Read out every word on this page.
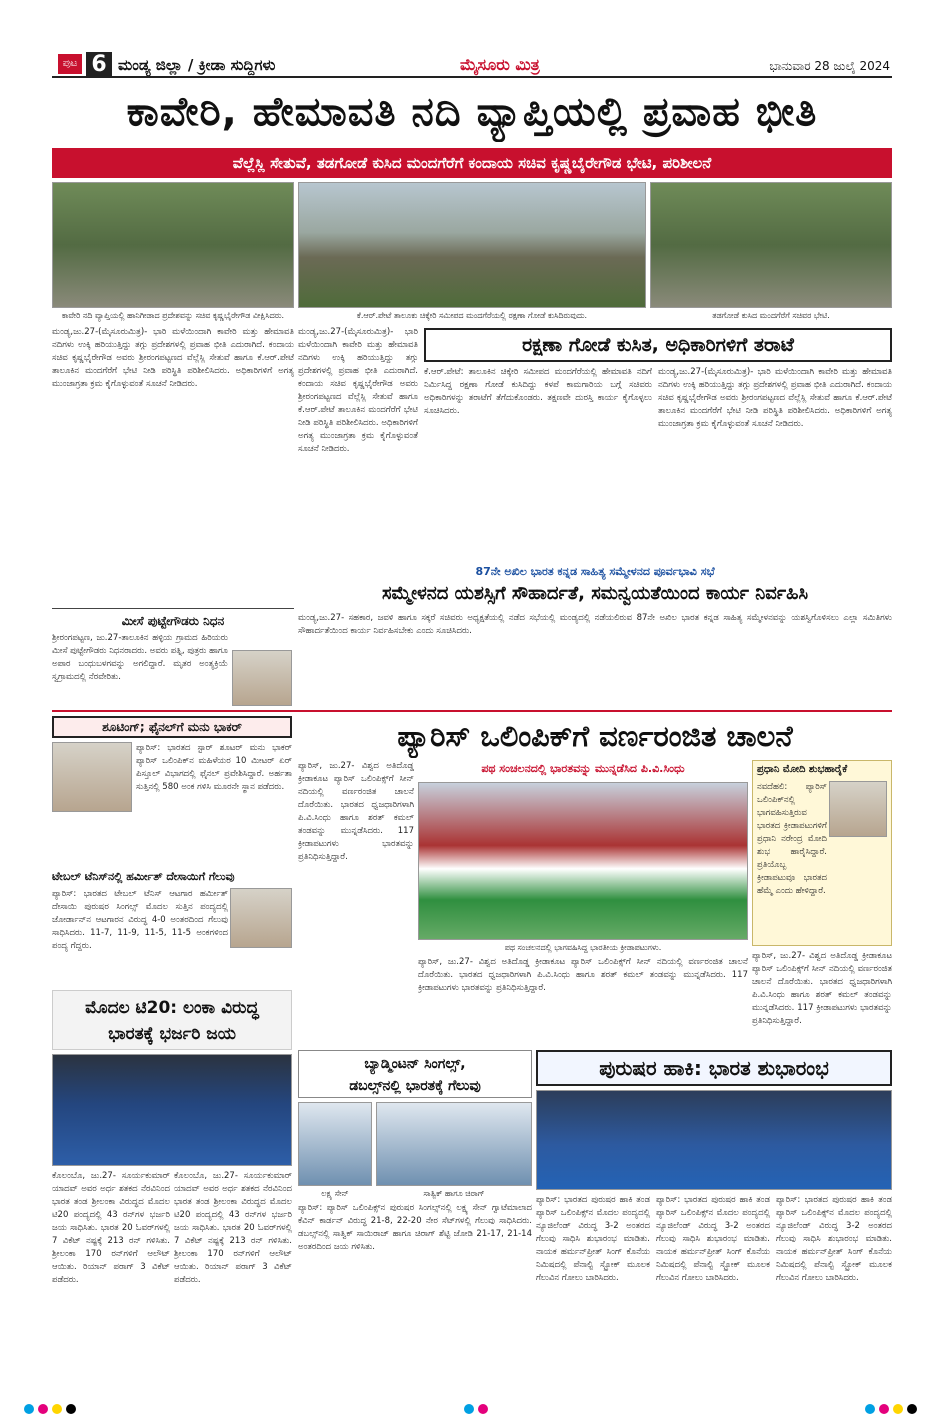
ಪುಟ 6 ಮಂಡ್ಯ ಜಿಲ್ಲಾ / ಕ್ರೀಡಾ ಸುದ್ದಿಗಳು	ಮೈಸೂರು ಮಿತ್ರ	ಭಾನುವಾರ 28 ಜುಲೈ 2024
ಕಾವೇರಿ, ಹೇಮಾವತಿ ನದಿ ವ್ಯಾಪ್ತಿಯಲ್ಲಿ ಪ್ರವಾಹ ಭೀತಿ
ವೆಲ್ಲೆಸ್ಲಿ ಸೇತುವೆ, ತಡಗೋಡೆ ಕುಸಿದ ಮಂದಗೆರೆಗೆ ಕಂದಾಯ ಸಚಿವ ಕೃಷ್ಣಬೈರೇಗೌಡ ಭೇಟಿ, ಪರಿಶೀಲನೆ
ಕಾವೇರಿ ನದಿ ವ್ಯಾಪ್ತಿಯಲ್ಲಿ ಹಾನಿಗೀಡಾದ ಪ್ರದೇಶವನ್ನು ಸಚಿವ ಕೃಷ್ಣಭೈರೇಗೌಡ ವೀಕ್ಷಿಸಿದರು.	ಕೆ.ಆರ್.ಪೇಟೆ ತಾಲೂಕು ಚಿಕ್ಕೇರಿ ಸಮೀಪದ ಮಂದಗೆರೆಯಲ್ಲಿ ರಕ್ಷಣಾ ಗೋಡೆ ಕುಸಿದಿರುವುದು.	ತಡಗೋಡೆ ಕುಸಿದ ಮಂದಗೆರೆಗೆ ಸಚಿವರ ಭೇಟಿ.
ಮಂಡ್ಯ,ಜು.27-(ಮೈಸೂರುಮಿತ್ರ)- ಭಾರಿ ಮಳೆಯಿಂದಾಗಿ ಕಾವೇರಿ ಮತ್ತು ಹೇಮಾವತಿ ನದಿಗಳು ಉಕ್ಕಿ ಹರಿಯುತ್ತಿದ್ದು ತಗ್ಗು ಪ್ರದೇಶಗಳಲ್ಲಿ ಪ್ರವಾಹ ಭೀತಿ ಎದುರಾಗಿದೆ. ಕಂದಾಯ ಸಚಿವ ಕೃಷ್ಣಭೈರೇಗೌಡ ಅವರು ಶ್ರೀರಂಗಪಟ್ಟಣದ ವೆಲ್ಲೆಸ್ಲಿ ಸೇತುವೆ ಹಾಗೂ ಕೆ.ಆರ್.ಪೇಟೆ ತಾಲೂಕಿನ ಮಂದಗೆರೆಗೆ ಭೇಟಿ ನೀಡಿ ಪರಿಸ್ಥಿತಿ ಪರಿಶೀಲಿಸಿದರು. ಅಧಿಕಾರಿಗಳಿಗೆ ಅಗತ್ಯ ಮುಂಜಾಗ್ರತಾ ಕ್ರಮ ಕೈಗೊಳ್ಳುವಂತೆ ಸೂಚನೆ ನೀಡಿದರು.
ಮಂಡ್ಯ,ಜು.27-(ಮೈಸೂರುಮಿತ್ರ)- ಭಾರಿ ಮಳೆಯಿಂದಾಗಿ ಕಾವೇರಿ ಮತ್ತು ಹೇಮಾವತಿ ನದಿಗಳು ಉಕ್ಕಿ ಹರಿಯುತ್ತಿದ್ದು ತಗ್ಗು ಪ್ರದೇಶಗಳಲ್ಲಿ ಪ್ರವಾಹ ಭೀತಿ ಎದುರಾಗಿದೆ. ಕಂದಾಯ ಸಚಿವ ಕೃಷ್ಣಭೈರೇಗೌಡ ಅವರು ಶ್ರೀರಂಗಪಟ್ಟಣದ ವೆಲ್ಲೆಸ್ಲಿ ಸೇತುವೆ ಹಾಗೂ ಕೆ.ಆರ್.ಪೇಟೆ ತಾಲೂಕಿನ ಮಂದಗೆರೆಗೆ ಭೇಟಿ ನೀಡಿ ಪರಿಸ್ಥಿತಿ ಪರಿಶೀಲಿಸಿದರು. ಅಧಿಕಾರಿಗಳಿಗೆ ಅಗತ್ಯ ಮುಂಜಾಗ್ರತಾ ಕ್ರಮ ಕೈಗೊಳ್ಳುವಂತೆ ಸೂಚನೆ ನೀಡಿದರು.
ರಕ್ಷಣಾ ಗೋಡೆ ಕುಸಿತ, ಅಧಿಕಾರಿಗಳಿಗೆ ತರಾಟೆ
ಕೆ.ಆರ್.ಪೇಟೆ: ತಾಲೂಕಿನ ಚಿಕ್ಕೇರಿ ಸಮೀಪದ ಮಂದಗೆರೆಯಲ್ಲಿ ಹೇಮಾವತಿ ನದಿಗೆ ನಿರ್ಮಿಸಿದ್ದ ರಕ್ಷಣಾ ಗೋಡೆ ಕುಸಿದಿದ್ದು ಕಳಪೆ ಕಾಮಗಾರಿಯ ಬಗ್ಗೆ ಸಚಿವರು ಅಧಿಕಾರಿಗಳನ್ನು ತರಾಟೆಗೆ ತೆಗೆದುಕೊಂಡರು. ತಕ್ಷಣವೇ ದುರಸ್ತಿ ಕಾರ್ಯ ಕೈಗೊಳ್ಳಲು ಸೂಚಿಸಿದರು.
ಮಂಡ್ಯ,ಜು.27-(ಮೈಸೂರುಮಿತ್ರ)- ಭಾರಿ ಮಳೆಯಿಂದಾಗಿ ಕಾವೇರಿ ಮತ್ತು ಹೇಮಾವತಿ ನದಿಗಳು ಉಕ್ಕಿ ಹರಿಯುತ್ತಿದ್ದು ತಗ್ಗು ಪ್ರದೇಶಗಳಲ್ಲಿ ಪ್ರವಾಹ ಭೀತಿ ಎದುರಾಗಿದೆ. ಕಂದಾಯ ಸಚಿವ ಕೃಷ್ಣಭೈರೇಗೌಡ ಅವರು ಶ್ರೀರಂಗಪಟ್ಟಣದ ವೆಲ್ಲೆಸ್ಲಿ ಸೇತುವೆ ಹಾಗೂ ಕೆ.ಆರ್.ಪೇಟೆ ತಾಲೂಕಿನ ಮಂದಗೆರೆಗೆ ಭೇಟಿ ನೀಡಿ ಪರಿಸ್ಥಿತಿ ಪರಿಶೀಲಿಸಿದರು. ಅಧಿಕಾರಿಗಳಿಗೆ ಅಗತ್ಯ ಮುಂಜಾಗ್ರತಾ ಕ್ರಮ ಕೈಗೊಳ್ಳುವಂತೆ ಸೂಚನೆ ನೀಡಿದರು.
87ನೇ ಅಖಿಲ ಭಾರತ ಕನ್ನಡ ಸಾಹಿತ್ಯ ಸಮ್ಮೇಳನದ ಪೂರ್ವಭಾವಿ ಸಭೆ
ಸಮ್ಮೇಳನದ ಯಶಸ್ಸಿಗೆ ಸೌಹಾರ್ದತೆ, ಸಮನ್ವಯತೆಯಿಂದ ಕಾರ್ಯ ನಿರ್ವಹಿಸಿ
ಮಂಡ್ಯ,ಜು.27- ಸಹಕಾರ, ಜವಳಿ ಹಾಗೂ ಸಕ್ಕರೆ ಸಚಿವರು ಅಧ್ಯಕ್ಷತೆಯಲ್ಲಿ ನಡೆದ ಸಭೆಯಲ್ಲಿ ಮಂಡ್ಯದಲ್ಲಿ ನಡೆಯಲಿರುವ 87ನೇ ಅಖಿಲ ಭಾರತ ಕನ್ನಡ ಸಾಹಿತ್ಯ ಸಮ್ಮೇಳನವನ್ನು ಯಶಸ್ವಿಗೊಳಿಸಲು ಎಲ್ಲಾ ಸಮಿತಿಗಳು ಸೌಹಾರ್ದತೆಯಿಂದ ಕಾರ್ಯ ನಿರ್ವಹಿಸಬೇಕು ಎಂದು ಸೂಚಿಸಿದರು.
ಮೀಸೆ ಪುಟ್ಟೇಗೌಡರು ನಿಧನ
ಶ್ರೀರಂಗಪಟ್ಟಣ, ಜು.27-ತಾಲೂಕಿನ ಹಳ್ಳಿಯ ಗ್ರಾಮದ ಹಿರಿಯರು ಮೀಸೆ ಪುಟ್ಟೇಗೌಡರು ನಿಧನರಾದರು. ಅವರು ಪತ್ನಿ, ಪುತ್ರರು ಹಾಗೂ ಅಪಾರ ಬಂಧುಬಳಗವನ್ನು ಅಗಲಿದ್ದಾರೆ. ಮೃತರ ಅಂತ್ಯಕ್ರಿಯೆ ಸ್ವಗ್ರಾಮದಲ್ಲಿ ನೆರವೇರಿತು.
ಶೂಟಿಂಗ್; ಫೈನಲ್‌ಗೆ ಮನು ಭಾಕರ್
ಪ್ಯಾರಿಸ್: ಭಾರತದ ಸ್ಟಾರ್ ಶೂಟರ್ ಮನು ಭಾಕರ್ ಪ್ಯಾರಿಸ್ ಒಲಿಂಪಿಕ್‌ನ ಮಹಿಳೆಯರ 10 ಮೀಟರ್ ಏರ್ ಪಿಸ್ತೂಲ್ ವಿಭಾಗದಲ್ಲಿ ಫೈನಲ್ ಪ್ರವೇಶಿಸಿದ್ದಾರೆ. ಅರ್ಹತಾ ಸುತ್ತಿನಲ್ಲಿ 580 ಅಂಕ ಗಳಿಸಿ ಮೂರನೇ ಸ್ಥಾನ ಪಡೆದರು.
ಟೇಬಲ್ ಟೆನಿಸ್‌ನಲ್ಲಿ ಹರ್ಮೀತ್ ದೇಸಾಯಿಗೆ ಗೆಲುವು
ಪ್ಯಾರಿಸ್: ಭಾರತದ ಟೇಬಲ್ ಟೆನಿಸ್ ಆಟಗಾರ ಹರ್ಮೀತ್ ದೇಸಾಯಿ ಪುರುಷರ ಸಿಂಗಲ್ಸ್ ಮೊದಲ ಸುತ್ತಿನ ಪಂದ್ಯದಲ್ಲಿ ಜೋರ್ಡಾನ್‌ನ ಆಟಗಾರನ ವಿರುದ್ಧ 4-0 ಅಂತರದಿಂದ ಗೆಲುವು ಸಾಧಿಸಿದರು. 11-7, 11-9, 11-5, 11-5 ಅಂಕಗಳಿಂದ ಪಂದ್ಯ ಗೆದ್ದರು.
ಪ್ಯಾರಿಸ್ ಒಲಿಂಪಿಕ್‌ಗೆ ವರ್ಣರಂಜಿತ ಚಾಲನೆ
ಪ್ಯಾರಿಸ್, ಜು.27- ವಿಶ್ವದ ಅತಿದೊಡ್ಡ ಕ್ರೀಡಾಕೂಟ ಪ್ಯಾರಿಸ್ ಒಲಿಂಪಿಕ್ಸ್‌ಗೆ ಸೀನ್ ನದಿಯಲ್ಲಿ ವರ್ಣರಂಜಿತ ಚಾಲನೆ ದೊರೆಯಿತು. ಭಾರತದ ಧ್ವಜಧಾರಿಗಳಾಗಿ ಪಿ.ವಿ.ಸಿಂಧು ಹಾಗೂ ಶರತ್ ಕಮಲ್ ತಂಡವನ್ನು ಮುನ್ನಡೆಸಿದರು. 117 ಕ್ರೀಡಾಪಟುಗಳು ಭಾರತವನ್ನು ಪ್ರತಿನಿಧಿಸುತ್ತಿದ್ದಾರೆ.
ಪಥ ಸಂಚಲನದಲ್ಲಿ ಭಾರತವನ್ನು ಮುನ್ನಡೆಸಿದ ಪಿ.ವಿ.ಸಿಂಧು
ಪಥ ಸಂಚಲನದಲ್ಲಿ ಭಾಗವಹಿಸಿದ್ದ ಭಾರತೀಯ ಕ್ರೀಡಾಪಟುಗಳು.
ಪ್ಯಾರಿಸ್, ಜು.27- ವಿಶ್ವದ ಅತಿದೊಡ್ಡ ಕ್ರೀಡಾಕೂಟ ಪ್ಯಾರಿಸ್ ಒಲಿಂಪಿಕ್ಸ್‌ಗೆ ಸೀನ್ ನದಿಯಲ್ಲಿ ವರ್ಣರಂಜಿತ ಚಾಲನೆ ದೊರೆಯಿತು. ಭಾರತದ ಧ್ವಜಧಾರಿಗಳಾಗಿ ಪಿ.ವಿ.ಸಿಂಧು ಹಾಗೂ ಶರತ್ ಕಮಲ್ ತಂಡವನ್ನು ಮುನ್ನಡೆಸಿದರು. 117 ಕ್ರೀಡಾಪಟುಗಳು ಭಾರತವನ್ನು ಪ್ರತಿನಿಧಿಸುತ್ತಿದ್ದಾರೆ.
ಪ್ರಧಾನಿ ಮೋದಿ ಶುಭಹಾರೈಕೆ
ನವದೆಹಲಿ: ಪ್ಯಾರಿಸ್ ಒಲಿಂಪಿಕ್‌ನಲ್ಲಿ ಭಾಗವಹಿಸುತ್ತಿರುವ ಭಾರತದ ಕ್ರೀಡಾಪಟುಗಳಿಗೆ ಪ್ರಧಾನಿ ನರೇಂದ್ರ ಮೋದಿ ಶುಭ ಹಾರೈಸಿದ್ದಾರೆ. ಪ್ರತಿಯೊಬ್ಬ ಕ್ರೀಡಾಪಟುವೂ ಭಾರತದ ಹೆಮ್ಮೆ ಎಂದು ಹೇಳಿದ್ದಾರೆ.
ಪ್ಯಾರಿಸ್, ಜು.27- ವಿಶ್ವದ ಅತಿದೊಡ್ಡ ಕ್ರೀಡಾಕೂಟ ಪ್ಯಾರಿಸ್ ಒಲಿಂಪಿಕ್ಸ್‌ಗೆ ಸೀನ್ ನದಿಯಲ್ಲಿ ವರ್ಣರಂಜಿತ ಚಾಲನೆ ದೊರೆಯಿತು. ಭಾರತದ ಧ್ವಜಧಾರಿಗಳಾಗಿ ಪಿ.ವಿ.ಸಿಂಧು ಹಾಗೂ ಶರತ್ ಕಮಲ್ ತಂಡವನ್ನು ಮುನ್ನಡೆಸಿದರು. 117 ಕ್ರೀಡಾಪಟುಗಳು ಭಾರತವನ್ನು ಪ್ರತಿನಿಧಿಸುತ್ತಿದ್ದಾರೆ.
ಮೊದಲ ಟಿ20: ಲಂಕಾ ವಿರುದ್ಧ
ಭಾರತಕ್ಕೆ ಭರ್ಜರಿ ಜಯ
ಕೊಲಂಬೊ, ಜು.27- ಸೂರ್ಯಕುಮಾರ್ ಯಾದವ್ ಅವರ ಅರ್ಧ ಶತಕದ ನೆರವಿನಿಂದ ಭಾರತ ತಂಡ ಶ್ರೀಲಂಕಾ ವಿರುದ್ಧದ ಮೊದಲ ಟಿ20 ಪಂದ್ಯದಲ್ಲಿ 43 ರನ್‌ಗಳ ಭರ್ಜರಿ ಜಯ ಸಾಧಿಸಿತು. ಭಾರತ 20 ಓವರ್‌ಗಳಲ್ಲಿ 7 ವಿಕೆಟ್ ನಷ್ಟಕ್ಕೆ 213 ರನ್ ಗಳಿಸಿತು. ಶ್ರೀಲಂಕಾ 170 ರನ್‌ಗಳಿಗೆ ಆಲೌಟ್ ಆಯಿತು. ರಿಯಾನ್ ಪರಾಗ್ 3 ವಿಕೆಟ್ ಪಡೆದರು.
ಕೊಲಂಬೊ, ಜು.27- ಸೂರ್ಯಕುಮಾರ್ ಯಾದವ್ ಅವರ ಅರ್ಧ ಶತಕದ ನೆರವಿನಿಂದ ಭಾರತ ತಂಡ ಶ್ರೀಲಂಕಾ ವಿರುದ್ಧದ ಮೊದಲ ಟಿ20 ಪಂದ್ಯದಲ್ಲಿ 43 ರನ್‌ಗಳ ಭರ್ಜರಿ ಜಯ ಸಾಧಿಸಿತು. ಭಾರತ 20 ಓವರ್‌ಗಳಲ್ಲಿ 7 ವಿಕೆಟ್ ನಷ್ಟಕ್ಕೆ 213 ರನ್ ಗಳಿಸಿತು. ಶ್ರೀಲಂಕಾ 170 ರನ್‌ಗಳಿಗೆ ಆಲೌಟ್ ಆಯಿತು. ರಿಯಾನ್ ಪರಾಗ್ 3 ವಿಕೆಟ್ ಪಡೆದರು.
ಬ್ಯಾಡ್ಮಿಂಟನ್ ಸಿಂಗಲ್ಸ್,
ಡಬಲ್ಸ್‌ನಲ್ಲಿ ಭಾರತಕ್ಕೆ ಗೆಲುವು
ಲಕ್ಷ್ಯ ಸೇನ್	ಸಾತ್ವಿಕ್ ಹಾಗೂ ಚಿರಾಗ್
ಪ್ಯಾರಿಸ್: ಪ್ಯಾರಿಸ್ ಒಲಿಂಪಿಕ್ಸ್‌ನ ಪುರುಷರ ಸಿಂಗಲ್ಸ್‌ನಲ್ಲಿ ಲಕ್ಷ್ಯ ಸೇನ್ ಗ್ವಾಟೆಮಾಲಾದ ಕೆವಿನ್ ಕಾರ್ಡನ್ ವಿರುದ್ಧ 21-8, 22-20 ನೇರ ಸೆಟ್‌ಗಳಲ್ಲಿ ಗೆಲುವು ಸಾಧಿಸಿದರು. ಡಬಲ್ಸ್‌ನಲ್ಲಿ ಸಾತ್ವಿಕ್ ಸಾಯಿರಾಜ್ ಹಾಗೂ ಚಿರಾಗ್ ಶೆಟ್ಟಿ ಜೋಡಿ 21-17, 21-14 ಅಂತರದಿಂದ ಜಯ ಗಳಿಸಿತು.
ಪುರುಷರ ಹಾಕಿ: ಭಾರತ ಶುಭಾರಂಭ
ಪ್ಯಾರಿಸ್: ಭಾರತದ ಪುರುಷರ ಹಾಕಿ ತಂಡ ಪ್ಯಾರಿಸ್ ಒಲಿಂಪಿಕ್ಸ್‌ನ ಮೊದಲ ಪಂದ್ಯದಲ್ಲಿ ನ್ಯೂಜಿಲೆಂಡ್ ವಿರುದ್ಧ 3-2 ಅಂತರದ ಗೆಲುವು ಸಾಧಿಸಿ ಶುಭಾರಂಭ ಮಾಡಿತು. ನಾಯಕ ಹರ್ಮನ್‌ಪ್ರೀತ್ ಸಿಂಗ್ ಕೊನೆಯ ನಿಮಿಷದಲ್ಲಿ ಪೆನಾಲ್ಟಿ ಸ್ಟ್ರೋಕ್ ಮೂಲಕ ಗೆಲುವಿನ ಗೋಲು ಬಾರಿಸಿದರು.
ಪ್ಯಾರಿಸ್: ಭಾರತದ ಪುರುಷರ ಹಾಕಿ ತಂಡ ಪ್ಯಾರಿಸ್ ಒಲಿಂಪಿಕ್ಸ್‌ನ ಮೊದಲ ಪಂದ್ಯದಲ್ಲಿ ನ್ಯೂಜಿಲೆಂಡ್ ವಿರುದ್ಧ 3-2 ಅಂತರದ ಗೆಲುವು ಸಾಧಿಸಿ ಶುಭಾರಂಭ ಮಾಡಿತು. ನಾಯಕ ಹರ್ಮನ್‌ಪ್ರೀತ್ ಸಿಂಗ್ ಕೊನೆಯ ನಿಮಿಷದಲ್ಲಿ ಪೆನಾಲ್ಟಿ ಸ್ಟ್ರೋಕ್ ಮೂಲಕ ಗೆಲುವಿನ ಗೋಲು ಬಾರಿಸಿದರು.
ಪ್ಯಾರಿಸ್: ಭಾರತದ ಪುರುಷರ ಹಾಕಿ ತಂಡ ಪ್ಯಾರಿಸ್ ಒಲಿಂಪಿಕ್ಸ್‌ನ ಮೊದಲ ಪಂದ್ಯದಲ್ಲಿ ನ್ಯೂಜಿಲೆಂಡ್ ವಿರುದ್ಧ 3-2 ಅಂತರದ ಗೆಲುವು ಸಾಧಿಸಿ ಶುಭಾರಂಭ ಮಾಡಿತು. ನಾಯಕ ಹರ್ಮನ್‌ಪ್ರೀತ್ ಸಿಂಗ್ ಕೊನೆಯ ನಿಮಿಷದಲ್ಲಿ ಪೆನಾಲ್ಟಿ ಸ್ಟ್ರೋಕ್ ಮೂಲಕ ಗೆಲುವಿನ ಗೋಲು ಬಾರಿಸಿದರು.
